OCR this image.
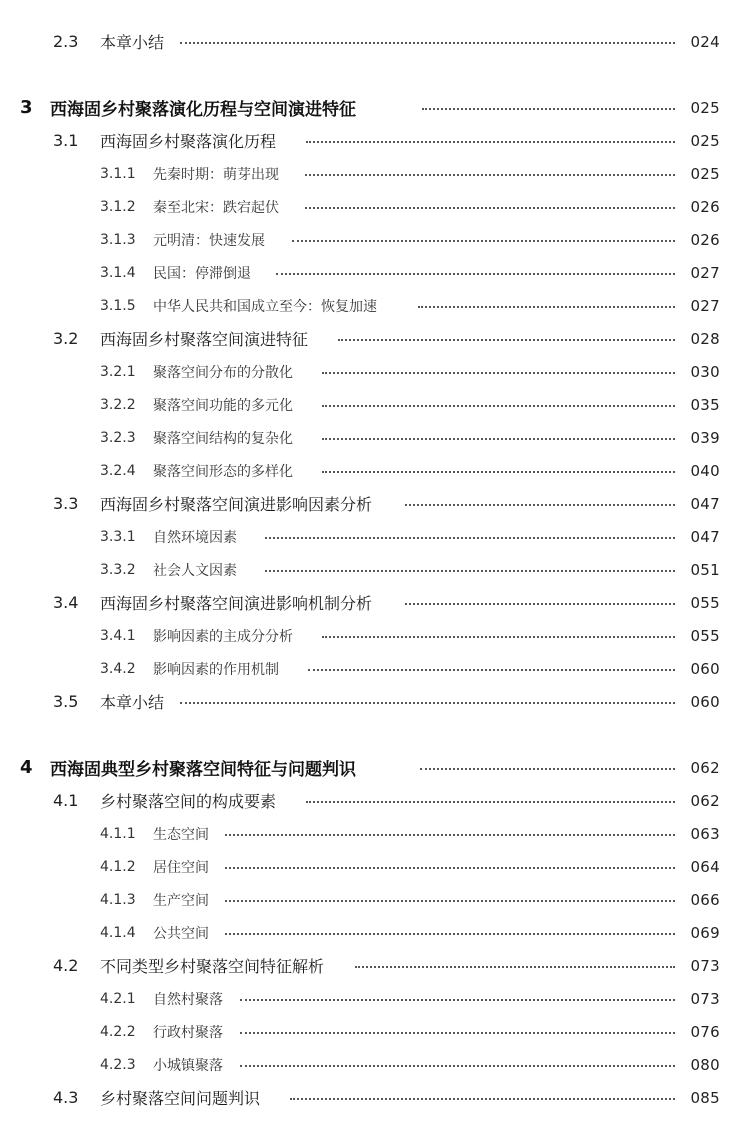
2.3 本章小结	024
3 西海固乡村聚落演化历程与空间演进特征	025
3.1 西海固乡村聚落演化历程	025
3.1.1 先秦时期：萌芽出现	025
3.1.2 秦至北宋：跌宕起伏	026
3.1.3 元明清：快速发展	026
3.1.4 民国：停滞倒退	027
3.1.5 中华人民共和国成立至今：恢复加速	027
3.2 西海固乡村聚落空间演进特征	028
3.2.1 聚落空间分布的分散化	030
3.2.2 聚落空间功能的多元化	035
3.2.3 聚落空间结构的复杂化	039
3.2.4 聚落空间形态的多样化	040
3.3 西海固乡村聚落空间演进影响因素分析	047
3.3.1 自然环境因素	047
3.3.2 社会人文因素	051
3.4 西海固乡村聚落空间演进影响机制分析	055
3.4.1 影响因素的主成分分析	055
3.4.2 影响因素的作用机制	060
3.5 本章小结	060
4 西海固典型乡村聚落空间特征与问题判识	062
4.1 乡村聚落空间的构成要素	062
4.1.1 生态空间	063
4.1.2 居住空间	064
4.1.3 生产空间	066
4.1.4 公共空间	069
4.2 不同类型乡村聚落空间特征解析	073
4.2.1 自然村聚落	073
4.2.2 行政村聚落	076
4.2.3 小城镇聚落	080
4.3 乡村聚落空间问题判识	085
